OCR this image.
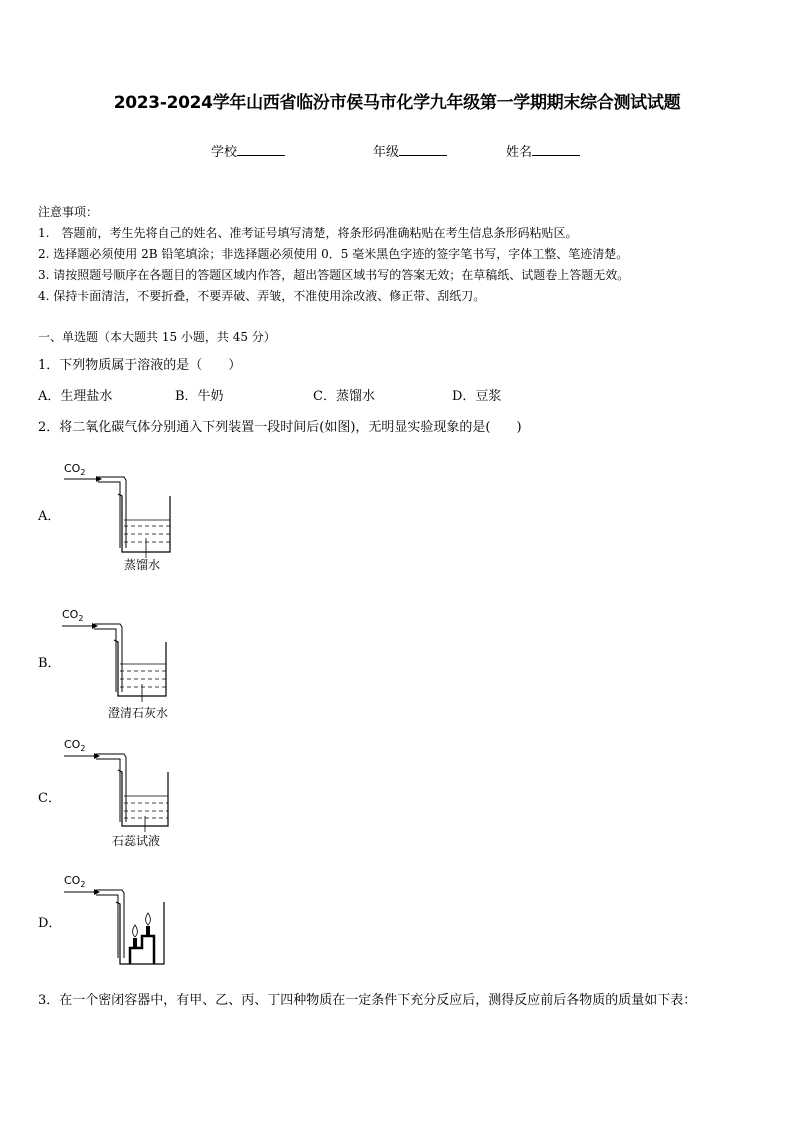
2023-2024学年山西省临汾市侯马市化学九年级第一学期期末综合测试试题
学校	年级	姓名
注意事项：
1.　答题前，考生先将自己的姓名、准考证号填写清楚，将条形码准确粘贴在考生信息条形码粘贴区。
2. 选择题必须使用 2B 铅笔填涂；非选择题必须使用 0．5 毫米黑色字迹的签字笔书写，字体工整、笔迹清楚。
3. 请按照题号顺序在各题目的答题区域内作答，超出答题区域书写的答案无效；在草稿纸、试题卷上答题无效。
4. 保持卡面清洁，不要折叠，不要弄破、弄皱，不准使用涂改液、修正带、刮纸刀。
一、单选题（本大题共 15 小题，共 45 分）
1．下列物质属于溶液的是（　　）
A．生理盐水	B．牛奶	C．蒸馏水	D．豆浆
2．将二氧化碳气体分别通入下列装置一段时间后(如图)，无明显实验现象的是(　　)
A．
$CO_2$
蒸馏水
B．
$CO_2$
澄清石灰水
C．
$CO_2$
石蕊试液
D．
$CO_2$
3．在一个密闭容器中，有甲、乙、丙、丁四种物质在一定条件下充分反应后，测得反应前后各物质的质量如下表：
